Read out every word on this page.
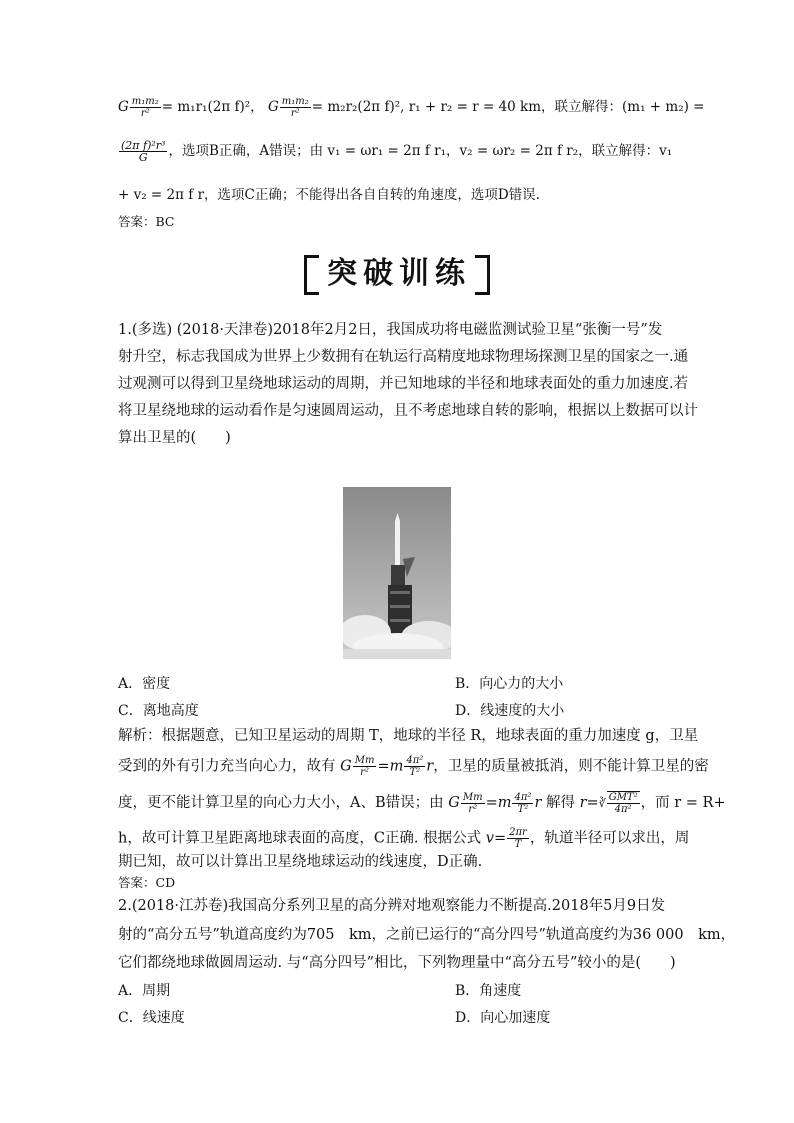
G $\frac{\text{m₁m₂}}{\text{r²}} = m_1r_1(2\pi$ f)²， G $\frac{\text{m₁m₂}}{\text{r²}} = m_2r_2(2\pi$ f)², r₁ + r₂ = r = 40 km，联立解得：(m₁ + m₂) =
$\frac{\text{(2π f)²r³}}{G}$ ，选项B正确，A错误；由 v₁ = ωr₁ = 2π f r₁，v₂ = ωr₂ = 2π f r₂，联立解得：v₁
+ v₂ = 2π f r，选项C正确；不能得出各自自转的角速度，选项D错误.
答案：BC
突破训练
1.(多选) (2018·天津卷)2018年2月2日，我国成功将电磁监测试验卫星“张衡一号”发
射升空，标志我国成为世界上少数拥有在轨运行高精度地球物理场探测卫星的国家之一.通
过观测可以得到卫星绕地球运动的周期，并已知地球的半径和地球表面处的重力加速度.若
将卫星绕地球的运动看作是匀速圆周运动，且不考虑地球自转的影响，根据以上数据可以计
算出卫星的(　　)
A．密度	B．向心力的大小
C．离地高度	D．线速度的大小
解析：根据题意，已知卫星运动的周期 T，地球的半径 R，地球表面的重力加速度 g，卫星
受到的外有引力充当向心力，故有 G $\frac{Mm}{\text{r²}} =m \frac{\text{4π²}}{\text{T²}}$ r，卫星的质量被抵消，则不能计算卫星的密
度，更不能计算卫星的向心力大小，A、B错误；由 G $\frac{Mm}{\text{r²}} =m \frac{\text{4π²}}{\text{T²}}$ r 解得 r=∛ $\frac{\text{GMT²}}{\text{4π²}}$ ，而 r = R+
h，故可计算卫星距离地球表面的高度，C正确. 根据公式 $v= \frac{2\pi r}{T}$ ，轨道半径可以求出，周
期已知，故可以计算出卫星绕地球运动的线速度，D正确.
答案：CD
2.(2018·江苏卷)我国高分系列卫星的高分辨对地观察能力不断提高.2018年5月9日发
射的“高分五号”轨道高度约为705　km，之前已运行的“高分四号”轨道高度约为36 000　km，
它们都绕地球做圆周运动. 与“高分四号”相比，下列物理量中“高分五号”较小的是(　　)
A．周期	B．角速度
C．线速度	D．向心加速度
